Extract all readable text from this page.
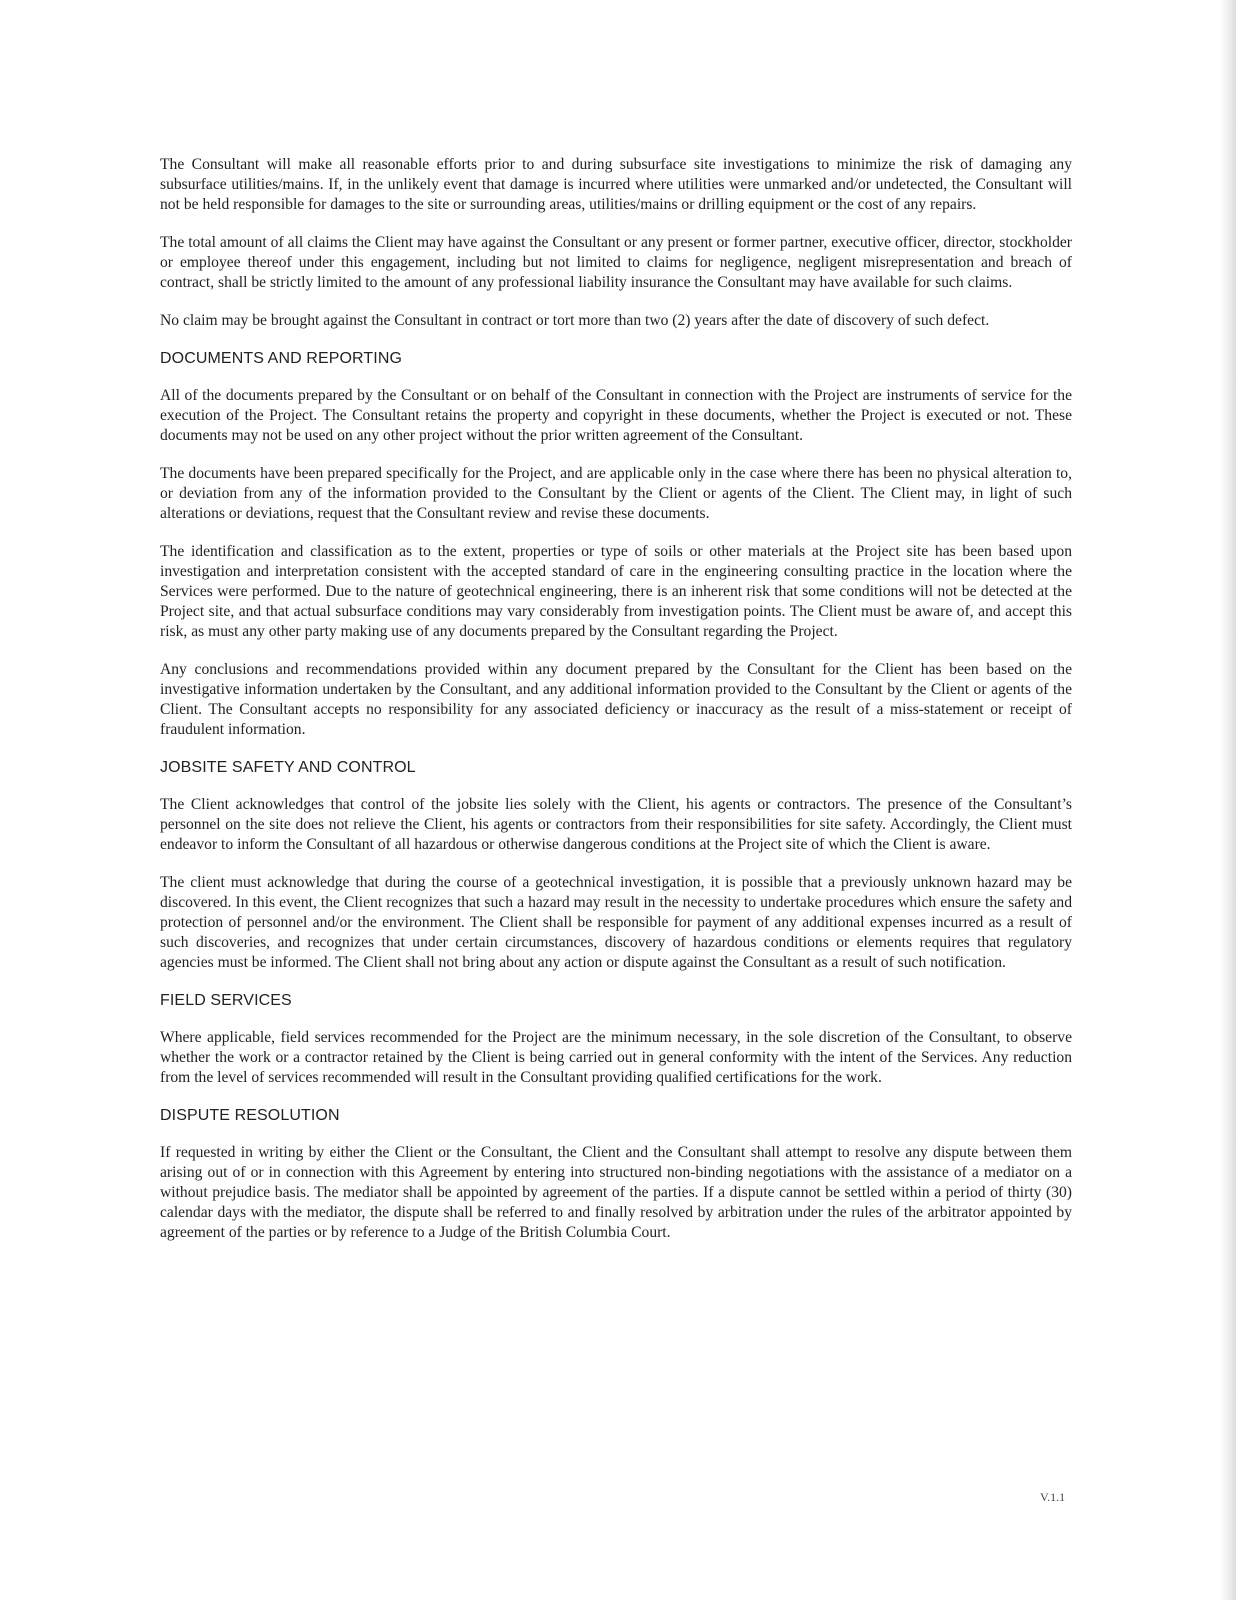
The Consultant will make all reasonable efforts prior to and during subsurface site investigations to minimize the risk of damaging any subsurface utilities/mains. If, in the unlikely event that damage is incurred where utilities were unmarked and/or undetected, the Consultant will not be held responsible for damages to the site or surrounding areas, utilities/mains or drilling equipment or the cost of any repairs.

The total amount of all claims the Client may have against the Consultant or any present or former partner, executive officer, director, stockholder or employee thereof under this engagement, including but not limited to claims for negligence, negligent misrepresentation and breach of contract, shall be strictly limited to the amount of any professional liability insurance the Consultant may have available for such claims.

No claim may be brought against the Consultant in contract or tort more than two (2) years after the date of discovery of such defect.

DOCUMENTS AND REPORTING

All of the documents prepared by the Consultant or on behalf of the Consultant in connection with the Project are instruments of service for the execution of the Project. The Consultant retains the property and copyright in these documents, whether the Project is executed or not. These documents may not be used on any other project without the prior written agreement of the Consultant.

The documents have been prepared specifically for the Project, and are applicable only in the case where there has been no physical alteration to, or deviation from any of the information provided to the Consultant by the Client or agents of the Client. The Client may, in light of such alterations or deviations, request that the Consultant review and revise these documents.

The identification and classification as to the extent, properties or type of soils or other materials at the Project site has been based upon investigation and interpretation consistent with the accepted standard of care in the engineering consulting practice in the location where the Services were performed. Due to the nature of geotechnical engineering, there is an inherent risk that some conditions will not be detected at the Project site, and that actual subsurface conditions may vary considerably from investigation points. The Client must be aware of, and accept this risk, as must any other party making use of any documents prepared by the Consultant regarding the Project.

Any conclusions and recommendations provided within any document prepared by the Consultant for the Client has been based on the investigative information undertaken by the Consultant, and any additional information provided to the Consultant by the Client or agents of the Client. The Consultant accepts no responsibility for any associated deficiency or inaccuracy as the result of a miss-statement or receipt of fraudulent information.

JOBSITE SAFETY AND CONTROL

The Client acknowledges that control of the jobsite lies solely with the Client, his agents or contractors. The presence of the Consultant’s personnel on the site does not relieve the Client, his agents or contractors from their responsibilities for site safety. Accordingly, the Client must endeavor to inform the Consultant of all hazardous or otherwise dangerous conditions at the Project site of which the Client is aware.

The client must acknowledge that during the course of a geotechnical investigation, it is possible that a previously unknown hazard may be discovered. In this event, the Client recognizes that such a hazard may result in the necessity to undertake procedures which ensure the safety and protection of personnel and/or the environment. The Client shall be responsible for payment of any additional expenses incurred as a result of such discoveries, and recognizes that under certain circumstances, discovery of hazardous conditions or elements requires that regulatory agencies must be informed. The Client shall not bring about any action or dispute against the Consultant as a result of such notification.

FIELD SERVICES

Where applicable, field services recommended for the Project are the minimum necessary, in the sole discretion of the Consultant, to observe whether the work or a contractor retained by the Client is being carried out in general conformity with the intent of the Services. Any reduction from the level of services recommended will result in the Consultant providing qualified certifications for the work.

DISPUTE RESOLUTION

If requested in writing by either the Client or the Consultant, the Client and the Consultant shall attempt to resolve any dispute between them arising out of or in connection with this Agreement by entering into structured non-binding negotiations with the assistance of a mediator on a without prejudice basis. The mediator shall be appointed by agreement of the parties. If a dispute cannot be settled within a period of thirty (30) calendar days with the mediator, the dispute shall be referred to and finally resolved by arbitration under the rules of the arbitrator appointed by agreement of the parties or by reference to a Judge of the British Columbia Court.

V.1.1
